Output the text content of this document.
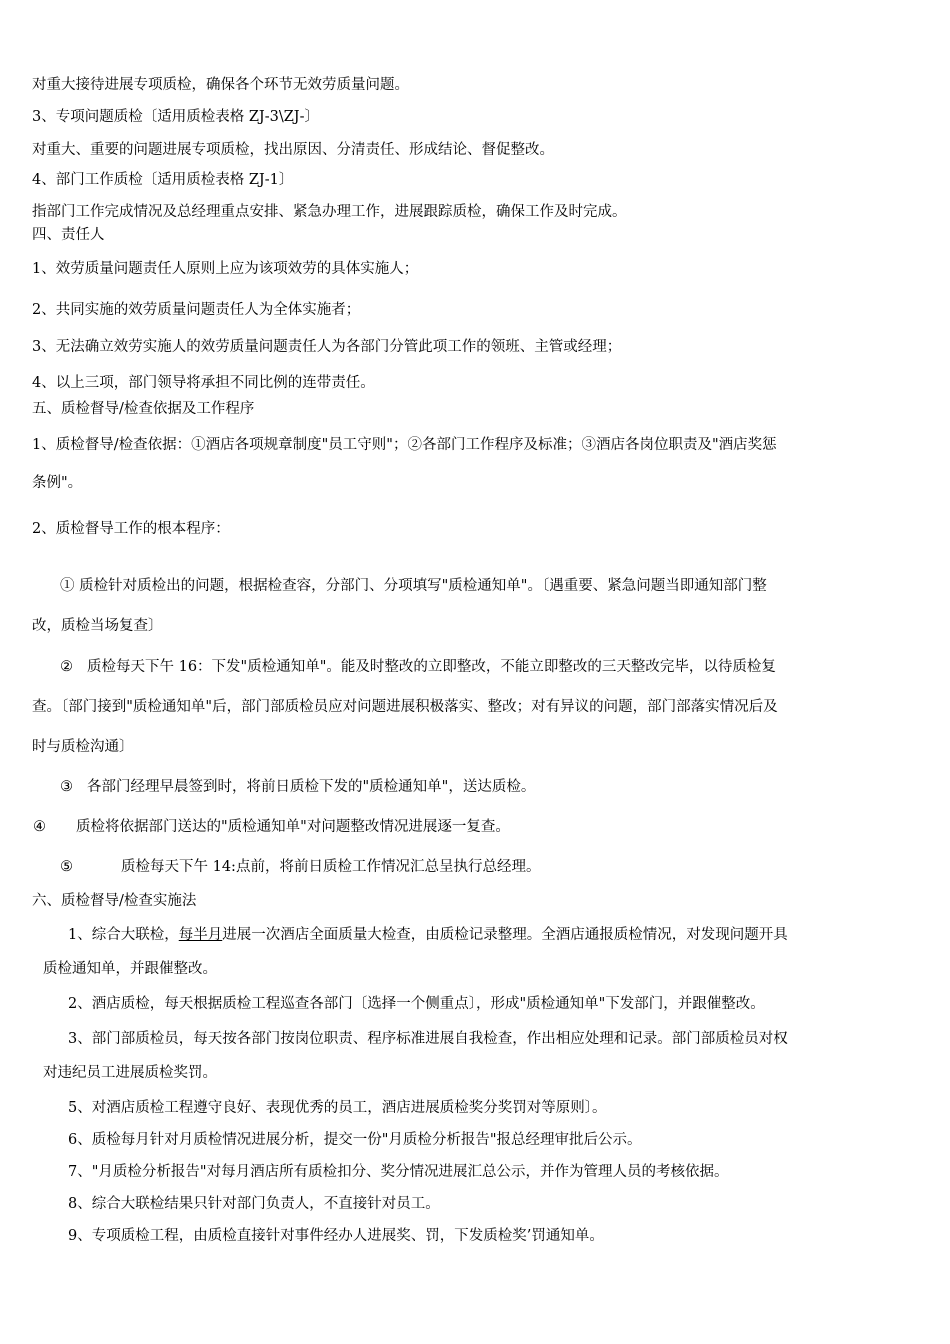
对重大接待进展专项质检，确保各个环节无效劳质量问题。

3、专项问题质检〔适用质检表格 ZJ-3\ZJ-〕

对重大、重要的问题进展专项质检，找出原因、分清责任、形成结论、督促整改。

4、部门工作质检〔适用质检表格 ZJ-1〕

指部门工作完成情况及总经理重点安排、紧急办理工作，进展跟踪质检，确保工作及时完成。

四、责任人

1、效劳质量问题责任人原则上应为该项效劳的具体实施人；

2、共同实施的效劳质量问题责任人为全体实施者；

3、无法确立效劳实施人的效劳质量问题责任人为各部门分管此项工作的领班、主管或经理；

4、以上三项，部门领导将承担不同比例的连带责任。

五、质检督导/检查依据及工作程序

1、质检督导/检查依据：①酒店各项规章制度"员工守则"；②各部门工作程序及标准；③酒店各岗位职责及"酒店奖惩

条例"。

2、质检督导工作的根本程序：

① 质检针对质检出的问题，根据检查容，分部门、分项填写"质检通知单"。〔遇重要、紧急问题当即通知部门整

改，质检当场复查〕

② 质检每天下午 16：下发"质检通知单"。能及时整改的立即整改，不能立即整改的三天整改完毕，以待质检复

查。〔部门接到"质检通知单"后，部门部质检员应对问题进展积极落实、整改；对有异议的问题，部门部落实情况后及

时与质检沟通〕

③ 各部门经理早晨签到时，将前日质检下发的"质检通知单"，送达质检。

④ 质检将依据部门送达的"质检通知单"对问题整改情况进展逐一复查。

⑤	质检每天下午 14:点前，将前日质检工作情况汇总呈执行总经理。

六、质检督导/检查实施法

1、综合大联检，每半月进展一次酒店全面质量大检查，由质检记录整理。全酒店通报质检情况，对发现问题开具

质检通知单，并跟催整改。

2、酒店质检，每天根据质检工程巡查各部门〔选择一个侧重点〕，形成"质检通知单"下发部门，并跟催整改。

3、部门部质检员，每天按各部门按岗位职责、程序标准进展自我检查，作出相应处理和记录。部门部质检员对权

对违纪员工进展质检奖罚。

5、对酒店质检工程遵守良好、表现优秀的员工，酒店进展质检奖分奖罚对等原则〕。

6、质检每月针对月质检情况进展分析，提交一份"月质检分析报告"报总经理审批后公示。

7、"月质检分析报告"对每月酒店所有质检扣分、奖分情况进展汇总公示，并作为管理人员的考核依据。

8、综合大联检结果只针对部门负责人，不直接针对员工。

9、专项质检工程，由质检直接针对事件经办人进展奖、罚，下发质检奖’罚通知单。
